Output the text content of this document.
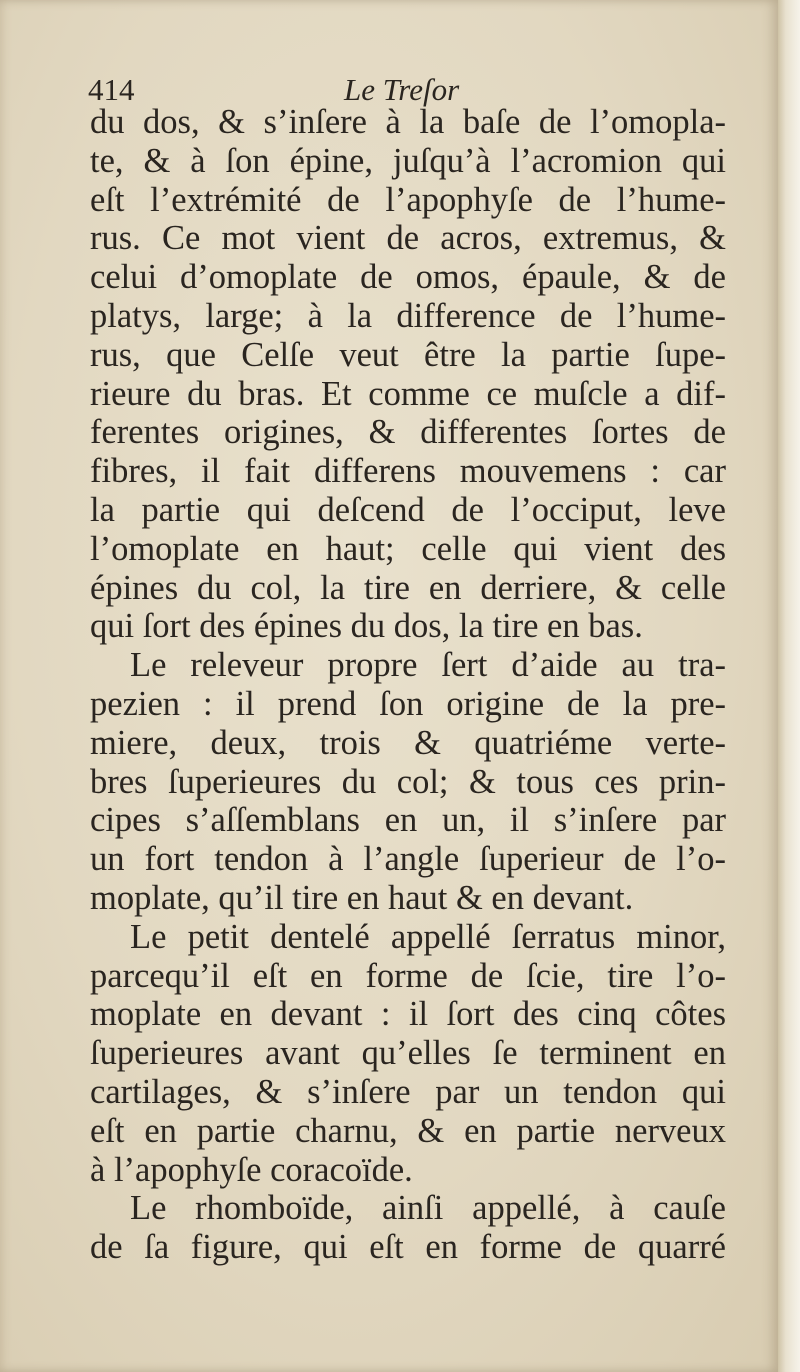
414	Le Treſor
du dos, & s’inſere à la baſe de l’omopla-
te, & à ſon épine, juſqu’à l’acromion qui
eſt l’extrémité de l’apophyſe de l’hume-
rus. Ce mot vient de acros, extremus, &
celui d’omoplate de omos, épaule, & de
platys, large; à la difference de l’hume-
rus, que Celſe veut être la partie ſupe-
rieure du bras. Et comme ce muſcle a dif-
ferentes origines, & differentes ſortes de
fibres, il fait differens mouvemens : car
la partie qui deſcend de l’occiput, leve
l’omoplate en haut; celle qui vient des
épines du col, la tire en derriere, & celle
qui ſort des épines du dos, la tire en bas.
Le releveur propre ſert d’aide au tra-
pezien : il prend ſon origine de la pre-
miere, deux, trois & quatriéme verte-
bres ſuperieures du col; & tous ces prin-
cipes s’aſſemblans en un, il s’inſere par
un fort tendon à l’angle ſuperieur de l’o-
moplate, qu’il tire en haut & en devant.
Le petit dentelé appellé ſerratus minor,
parcequ’il eſt en forme de ſcie, tire l’o-
moplate en devant : il ſort des cinq côtes
ſuperieures avant qu’elles ſe terminent en
cartilages, & s’inſere par un tendon qui
eſt en partie charnu, & en partie nerveux
à l’apophyſe coracoïde.
Le rhomboïde, ainſi appellé, à cauſe
de ſa figure, qui eſt en forme de quarré
